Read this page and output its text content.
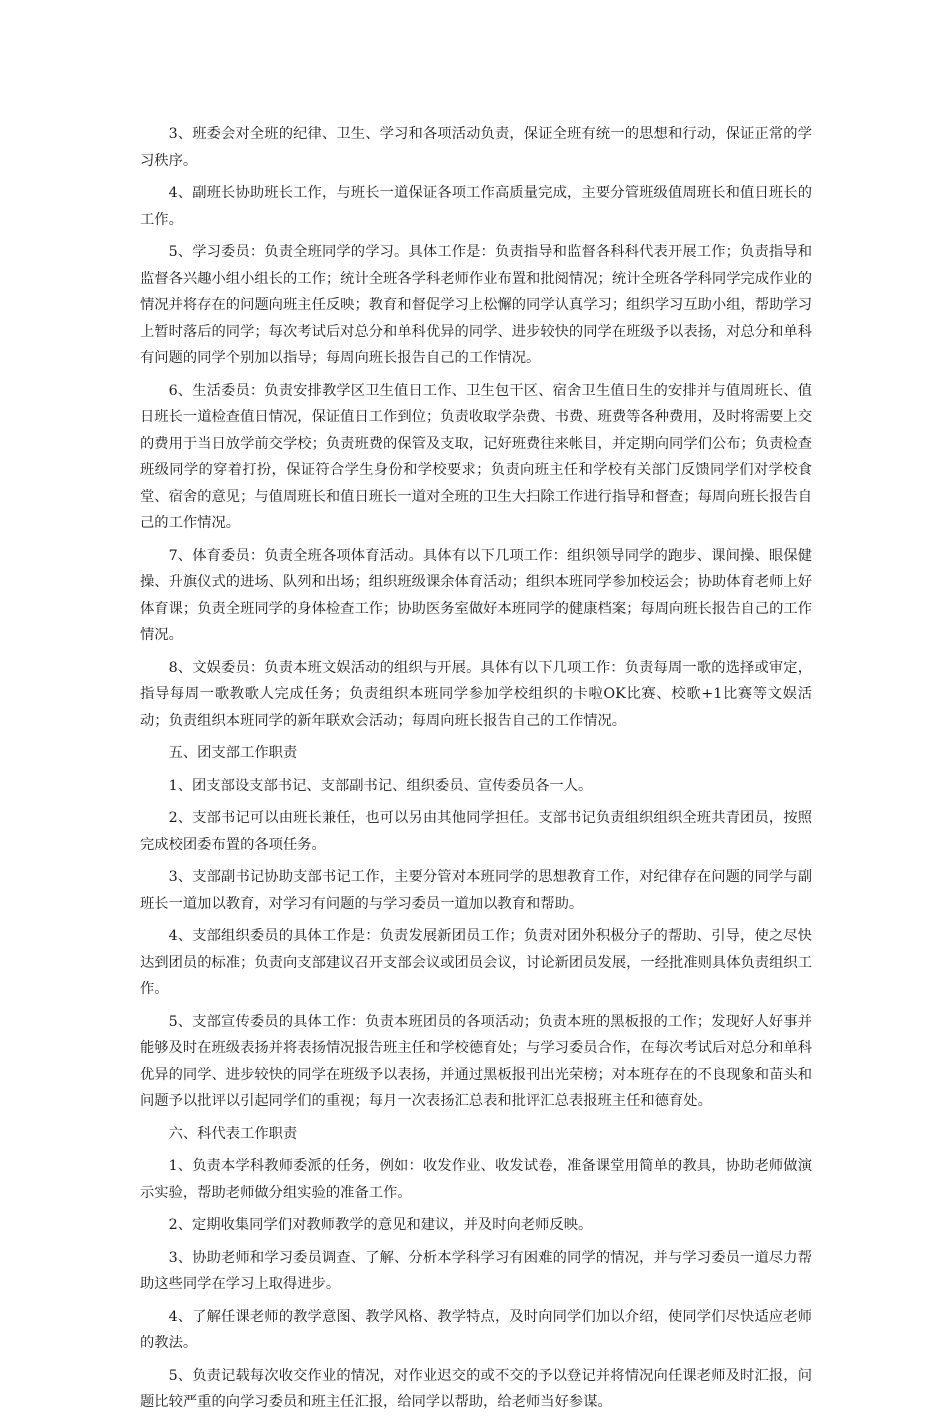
3、班委会对全班的纪律、卫生、学习和各项活动负责，保证全班有统一的思想和行动，保证正常的学习秩序。

4、副班长协助班长工作，与班长一道保证各项工作高质量完成，主要分管班级值周班长和值日班长的工作。

5、学习委员：负责全班同学的学习。具体工作是：负责指导和监督各科科代表开展工作；负责指导和监督各兴趣小组小组长的工作；统计全班各学科老师作业布置和批阅情况；统计全班各学科同学完成作业的情况并将存在的问题向班主任反映；教育和督促学习上松懈的同学认真学习；组织学习互助小组，帮助学习上暂时落后的同学；每次考试后对总分和单科优异的同学、进步较快的同学在班级予以表扬，对总分和单科有问题的同学个别加以指导；每周向班长报告自己的工作情况。

6、生活委员：负责安排教学区卫生值日工作、卫生包干区、宿舍卫生值日生的安排并与值周班长、值日班长一道检查值日情况，保证值日工作到位；负责收取学杂费、书费、班费等各种费用，及时将需要上交的费用于当日放学前交学校；负责班费的保管及支取，记好班费往来帐目，并定期向同学们公布；负责检查班级同学的穿着打扮，保证符合学生身份和学校要求；负责向班主任和学校有关部门反馈同学们对学校食堂、宿舍的意见；与值周班长和值日班长一道对全班的卫生大扫除工作进行指导和督查；每周向班长报告自己的工作情况。

7、体育委员：负责全班各项体育活动。具体有以下几项工作：组织领导同学的跑步、课间操、眼保健操、升旗仪式的进场、队列和出场；组织班级课余体育活动；组织本班同学参加校运会；协助体育老师上好体育课；负责全班同学的身体检查工作；协助医务室做好本班同学的健康档案；每周向班长报告自己的工作情况。

8、文娱委员：负责本班文娱活动的组织与开展。具体有以下几项工作：负责每周一歌的选择或审定，指导每周一歌教歌人完成任务；负责组织本班同学参加学校组织的卡啦OK比赛、校歌+1比赛等文娱活动；负责组织本班同学的新年联欢会活动；每周向班长报告自己的工作情况。

五、团支部工作职责

1、团支部设支部书记、支部副书记、组织委员、宣传委员各一人。

2、支部书记可以由班长兼任，也可以另由其他同学担任。支部书记负责组织组织全班共青团员，按照完成校团委布置的各项任务。

3、支部副书记协助支部书记工作，主要分管对本班同学的思想教育工作，对纪律存在问题的同学与副班长一道加以教育，对学习有问题的与学习委员一道加以教育和帮助。

4、支部组织委员的具体工作是：负责发展新团员工作；负责对团外积极分子的帮助、引导，使之尽快达到团员的标准；负责向支部建议召开支部会议或团员会议，讨论新团员发展，一经批准则具体负责组织工作。

5、支部宣传委员的具体工作：负责本班团员的各项活动；负责本班的黑板报的工作；发现好人好事并能够及时在班级表扬并将表扬情况报告班主任和学校德育处；与学习委员合作，在每次考试后对总分和单科优异的同学、进步较快的同学在班级予以表扬，并通过黑板报刊出光荣榜；对本班存在的不良现象和苗头和问题予以批评以引起同学们的重视；每月一次表扬汇总表和批评汇总表报班主任和德育处。

六、科代表工作职责

1、负责本学科教师委派的任务，例如：收发作业、收发试卷，准备课堂用简单的教具，协助老师做演示实验，帮助老师做分组实验的准备工作。

2、定期收集同学们对教师教学的意见和建议，并及时向老师反映。

3、协助老师和学习委员调查、了解、分析本学科学习有困难的同学的情况，并与学习委员一道尽力帮助这些同学在学习上取得进步。

4、了解任课老师的教学意图、教学风格、教学特点，及时向同学们加以介绍，使同学们尽快适应老师的教法。

5、负责记载每次收交作业的情况，对作业迟交的或不交的予以登记并将情况向任课老师及时汇报，问题比较严重的向学习委员和班主任汇报，给同学以帮助，给老师当好参谋。
